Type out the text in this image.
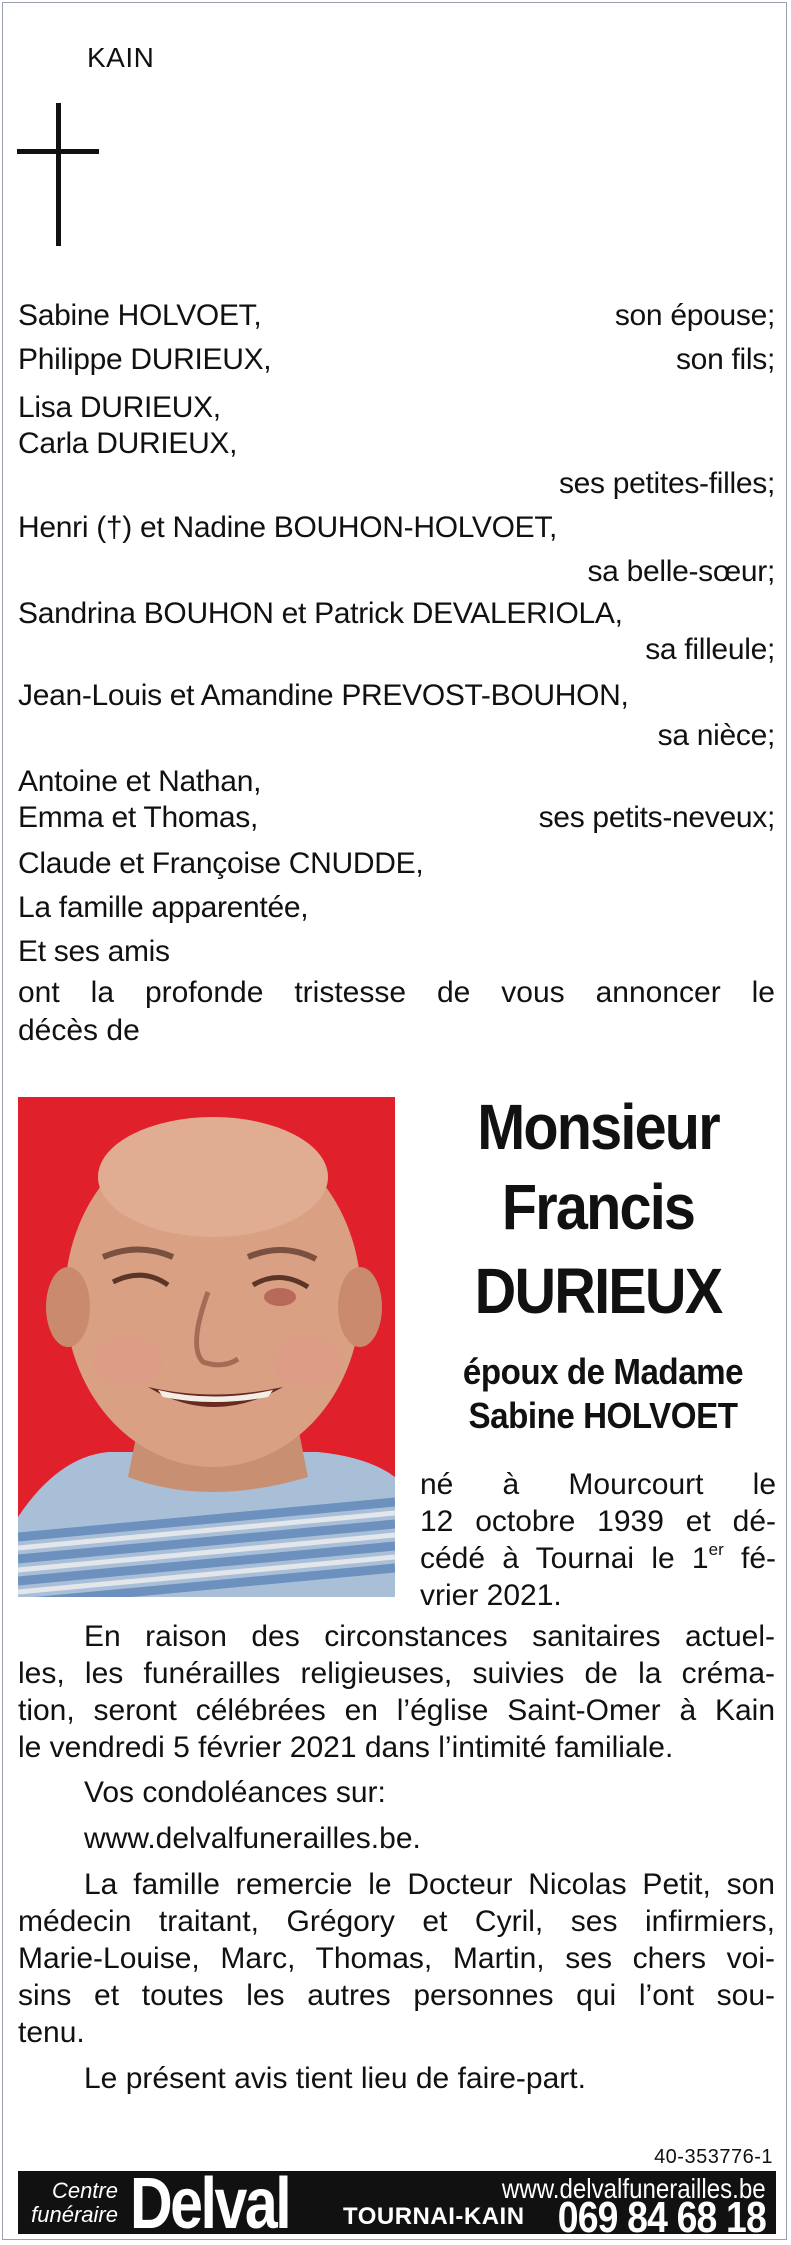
KAIN
Sabine HOLVOET,	son épouse;
Philippe DURIEUX,	son fils;
Lisa DURIEUX,
Carla DURIEUX,
ses petites-filles;
Henri (†) et Nadine BOUHON-HOLVOET,
sa belle-sœur;
Sandrina BOUHON et Patrick DEVALERIOLA,
sa filleule;
Jean-Louis et Amandine PREVOST-BOUHON,
sa nièce;
Antoine et Nathan,
Emma et Thomas,	ses petits-neveux;
Claude et Françoise CNUDDE,
La famille apparentée,
Et ses amis
ont la profonde tristesse de vous annoncer le
décès de
Monsieur
Francis
DURIEUX
époux de Madame
Sabine HOLVOET
né à Mourcourt le
12 octobre 1939 et dé-
cédé à Tournai le 1er fé-
vrier 2021.
En raison des circonstances sanitaires actuel-
les, les funérailles religieuses, suivies de la créma-
tion, seront célébrées en l’église Saint-Omer à Kain
le vendredi 5 février 2021 dans l’intimité familiale.
Vos condoléances sur:
www.delvalfunerailles.be.
La famille remercie le Docteur Nicolas Petit, son
médecin traitant, Grégory et Cyril, ses infirmiers,
Marie-Louise, Marc, Thomas, Martin, ses chers voi-
sins et toutes les autres personnes qui l’ont sou-
tenu.
Le présent avis tient lieu de faire-part.
40-353776-1
Centre
funéraire Delval	www.delvalfunerailles.be
TOURNAI-KAIN 069 84 68 18
